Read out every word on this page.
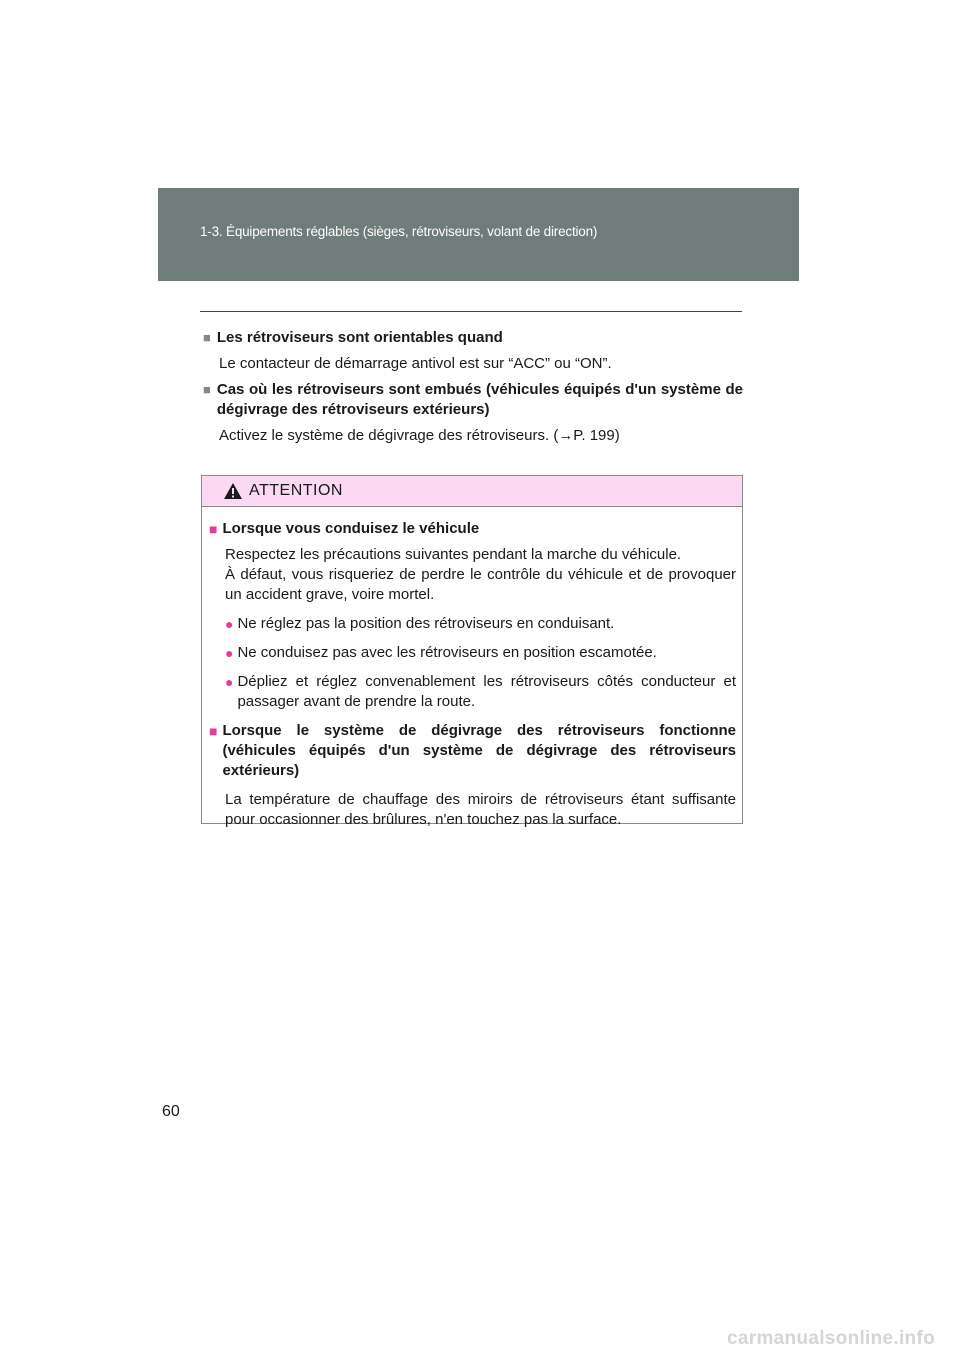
1-3. Équipements réglables (sièges, rétroviseurs, volant de direction)
■ Les rétroviseurs sont orientables quand
Le contacteur de démarrage antivol est sur “ACC” ou “ON”.
■ Cas où les rétroviseurs sont embués (véhicules équipés d'un système de dégivrage des rétroviseurs extérieurs)
Activez le système de dégivrage des rétroviseurs. (→P. 199)
ATTENTION
■ Lorsque vous conduisez le véhicule
Respectez les précautions suivantes pendant la marche du véhicule.
À défaut, vous risqueriez de perdre le contrôle du véhicule et de provoquer un accident grave, voire mortel.
● Ne réglez pas la position des rétroviseurs en conduisant.
● Ne conduisez pas avec les rétroviseurs en position escamotée.
● Dépliez et réglez convenablement les rétroviseurs côtés conducteur et passager avant de prendre la route.
■ Lorsque le système de dégivrage des rétroviseurs fonctionne (véhicules équipés d'un système de dégivrage des rétroviseurs extérieurs)
La température de chauffage des miroirs de rétroviseurs étant suffisante pour occasionner des brûlures, n'en touchez pas la surface.
60
carmanualsonline.info
